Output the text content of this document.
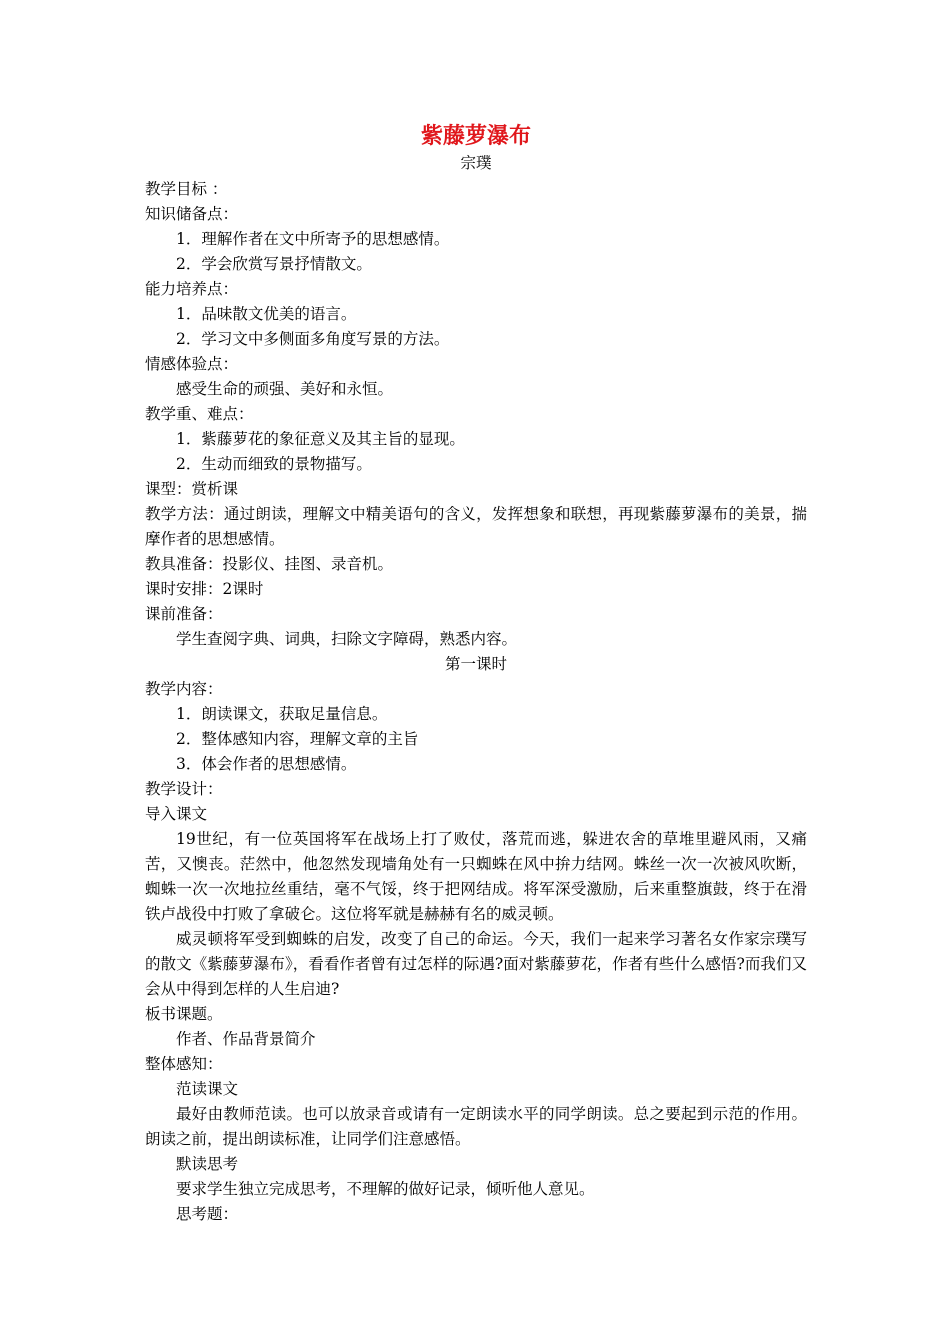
紫藤萝瀑布

宗璞

教学目标 ：

知识储备点：

1．理解作者在文中所寄予的思想感情。

2．学会欣赏写景抒情散文。

能力培养点：

1．品味散文优美的语言。

2．学习文中多侧面多角度写景的方法。

情感体验点：

感受生命的顽强、美好和永恒。

教学重、难点：

1．紫藤萝花的象征意义及其主旨的显现。

2．生动而细致的景物描写。

课型：赏析课

教学方法：通过朗读，理解文中精美语句的含义，发挥想象和联想，再现紫藤萝瀑布的美景，揣摩作者的思想感情。

教具准备：投影仪、挂图、录音机。

课时安排：2课时

课前准备：

学生查阅字典、词典，扫除文字障碍，熟悉内容。

第一课时

教学内容：

1．朗读课文，获取足量信息。

2．整体感知内容，理解文章的主旨

3．体会作者的思想感情。

教学设计：

导入课文

19世纪，有一位英国将军在战场上打了败仗，落荒而逃，躲进农舍的草堆里避风雨，又痛苦，又懊丧。茫然中，他忽然发现墙角处有一只蜘蛛在风中拚力结网。蛛丝一次一次被风吹断，蜘蛛一次一次地拉丝重结，毫不气馁，终于把网结成。将军深受激励，后来重整旗鼓，终于在滑铁卢战役中打败了拿破仑。这位将军就是赫赫有名的威灵顿。

威灵顿将军受到蜘蛛的启发，改变了自己的命运。今天，我们一起来学习著名女作家宗璞写的散文《紫藤萝瀑布》，看看作者曾有过怎样的际遇?面对紫藤萝花，作者有些什么感悟?而我们又会从中得到怎样的人生启迪?

板书课题。

作者、作品背景简介

整体感知：

范读课文

最好由教师范读。也可以放录音或请有一定朗读水平的同学朗读。总之要起到示范的作用。朗读之前，提出朗读标准，让同学们注意感悟。

默读思考

要求学生独立完成思考，不理解的做好记录，倾听他人意见。

思考题：
